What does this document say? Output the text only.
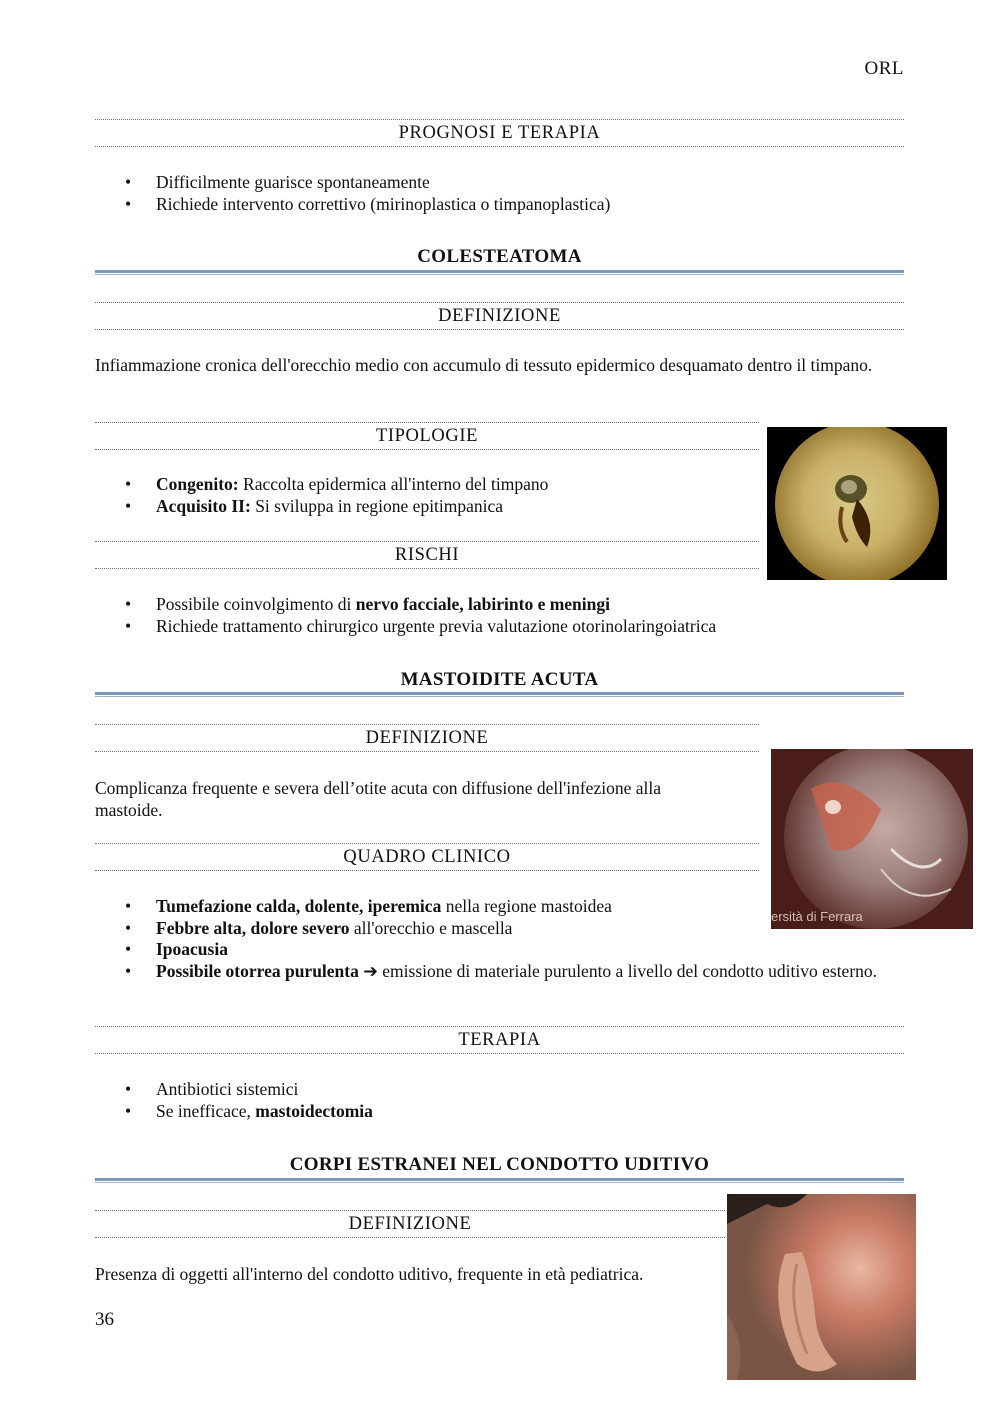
ORL
PROGNOSI E TERAPIA
• Difficilmente guarisce spontaneamente
• Richiede intervento correttivo (mirinoplastica o timpanoplastica)
COLESTEATOMA
DEFINIZIONE
Infiammazione cronica dell'orecchio medio con accumulo di tessuto epidermico desquamato dentro il timpano.
TIPOLOGIE
• Congenito: Raccolta epidermica all'interno del timpano
• Acquisito II: Si sviluppa in regione epitimpanica
RISCHI
• Possibile coinvolgimento di nervo facciale, labirinto e meningi
• Richiede trattamento chirurgico urgente previa valutazione otorinolaringoiatrica
MASTOIDITE ACUTA
DEFINIZIONE
Complicanza frequente e severa dell’otite acuta con diffusione dell'infezione alla mastoide.
ersità di Ferrara
QUADRO CLINICO
• Tumefazione calda, dolente, iperemica nella regione mastoidea
• Febbre alta, dolore severo all'orecchio e mascella
• Ipoacusia
• Possibile otorrea purulenta ➔ emissione di materiale purulento a livello del condotto uditivo esterno.
TERAPIA
• Antibiotici sistemici
• Se inefficace, mastoidectomia
CORPI ESTRANEI NEL CONDOTTO UDITIVO
DEFINIZIONE
Presenza di oggetti all'interno del condotto uditivo, frequente in età pediatrica.
36
